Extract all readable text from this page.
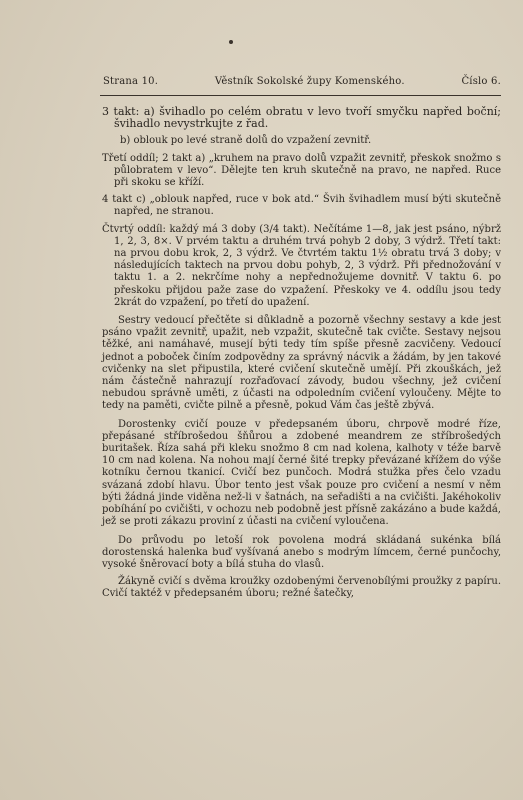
Strana 10.	Věstník Sokolské župy Komenského.	Číslo 6.

3 takt: a) švihadlo po celém obratu v levo tvoří smyčku napřed boční; švihadlo nevystrkujte z řad.

b) oblouk po levé straně dolů do vzpažení zevnitř.

Třetí oddíl; 2 takt a) „kruhem na pravo dolů vzpažit zevnitř, přeskok snožmo s půlobratem v levo“. Dělejte ten kruh skutečně na pravo, ne napřed. Ruce při skoku se kříží.

4 takt c) „oblouk napřed, ruce v bok atd.“ Švih švihadlem musí býti skutečně napřed, ne stranou.

Čtvrtý oddíl: každý má 3 doby (3/4 takt). Nečítáme 1—8, jak jest psáno, nýbrž 1, 2, 3, 8×. V prvém taktu a druhém trvá pohyb 2 doby, 3 výdrž. Třetí takt: na prvou dobu krok, 2, 3 výdrž. Ve čtvrtém taktu 1½ obratu trvá 3 doby; v následujících taktech na prvou dobu pohyb, 2, 3 výdrž. Při přednožování v taktu 1. a 2. nekrčíme nohy a nepřednožujeme dovnitř. V taktu 6. po přeskoku přijdou paže zase do vzpažení. Přeskoky ve 4. oddílu jsou tedy 2krát do vzpažení, po třetí do upažení.

Sestry vedoucí přečtěte si důkladně a pozorně všechny sestavy a kde jest psáno vpažit zevnitř, upažit, neb vzpažit, skutečně tak cvičte. Sestavy nejsou těžké, ani namáhavé, musejí býti tedy tím spíše přesně zacvičeny. Vedoucí jednot a poboček činím zodpovědny za správný nácvik a žádám, by jen takové cvičenky na slet připustila, které cvičení skutečně umějí. Při zkouškách, jež nám částečně nahrazují rozřaďovací závody, budou všechny, jež cvičení nebudou správně uměti, z účasti na odpoledním cvičení vyloučeny. Mějte to tedy na paměti, cvičte pilně a přesně, pokud Vám čas ještě zbývá.

Dorostenky cvičí pouze v předepsaném úboru, chrpově modré říze, přepásané stříbrošedou šňůrou a zdobené meandrem ze stříbrošedých buritašek. Říza sahá při kleku snožmo 8 cm nad kolena, kalhoty v téže barvě 10 cm nad kolena. Na nohou mají černé šité trepky převázané křížem do výše kotníku černou tkanicí. Cvičí bez punčoch. Modrá stužka přes čelo vzadu svázaná zdobí hlavu. Úbor tento jest však pouze pro cvičení a nesmí v něm býti žádná jinde viděna než-li v šatnách, na seřadišti a na cvičišti. Jakéhokoliv pobíhání po cvičišti, v ochozu neb podobně jest přísně zakázáno a bude každá, jež se proti zákazu proviní z účasti na cvičení vyloučena.

Do průvodu po letoší rok povolena modrá skládaná sukénka bílá dorostenská halenka buď vyšívaná anebo s modrým límcem, černé punčochy, vysoké šněrovací boty a bílá stuha do vlasů.

Žákyně cvičí s dvěma kroužky ozdobenými červenobílými proužky z papíru. Cvičí taktéž v předepsaném úboru; režné šatečky,
